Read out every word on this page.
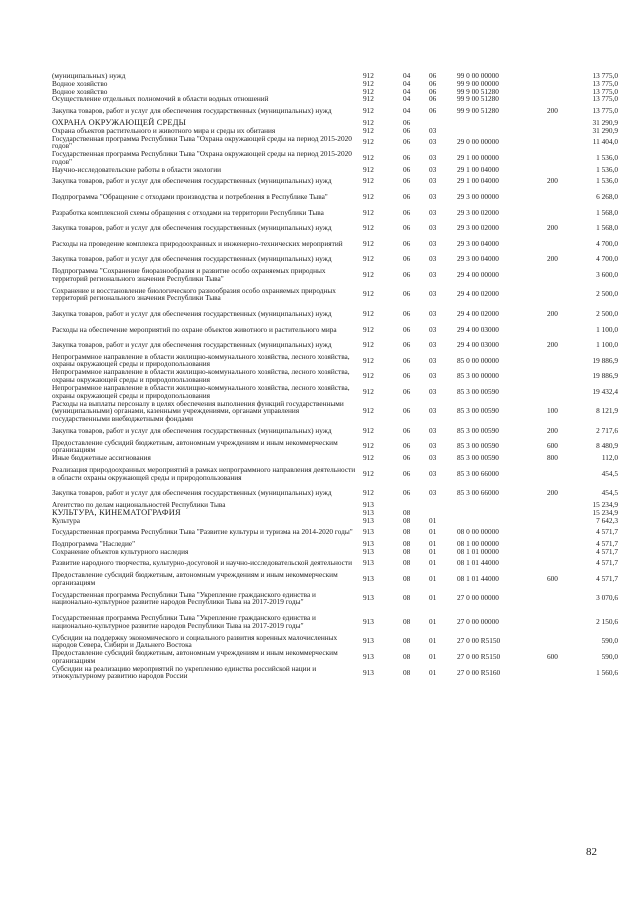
(муниципальных) нужд	912	04	06	99 0 00 00000		13 775,0
Водное хозяйство	912	04	06	99 9 00 00000		13 775,0
Водное хозяйство	912	04	06	99 9 00 51280		13 775,0
Осуществление отдельных полномочий в области водных отношений	912	04	06	99 9 00 51280		13 775,0
Закупка товаров, работ и услуг для обеспечения государственных (муниципальных) нужд	912	04	06	99 9 00 51280	200	13 775,0
ОХРАНА ОКРУЖАЮЩЕЙ СРЕДЫ	912	06				31 290,9
Охрана объектов растительного и животного мира и среды их обитания	912	06	03			31 290,9
Государственная программа Республики Тыва "Охрана окружающей среды на период 2015-2020 годов"	912	06	03	29 0 00 00000		11 404,0
Государственная программа Республики Тыва "Охрана окружающей среды на период 2015-2020 годов"	912	06	03	29 1 00 00000		1 536,0
Научно-исследовательские работы в области экологии	912	06	03	29 1 00 04000		1 536,0
Закупка товаров, работ и услуг для обеспечения государственных (муниципальных) нужд	912	06	03	29 1 00 04000	200	1 536,0
Подпрограмма "Обращение с отходами производства и потребления в Республике Тыва"	912	06	03	29 3 00 00000		6 268,0
Разработка комплексной схемы обращения с отходами на территории Республики Тыва	912	06	03	29 3 00 02000		1 568,0
Закупка товаров, работ и услуг для обеспечения государственных (муниципальных) нужд	912	06	03	29 3 00 02000	200	1 568,0
Расходы на проведение комплекса природоохранных и инженерно-технических мероприятий	912	06	03	29 3 00 04000		4 700,0
Закупка товаров, работ и услуг для обеспечения государственных (муниципальных) нужд	912	06	03	29 3 00 04000	200	4 700,0
Подпрограмма "Сохранение биоразнообразия и развитие особо охраняемых природных территорий регионального значения Республики Тыва"	912	06	03	29 4 00 00000		3 600,0
Сохранение и восстановление биологического разнообразия особо охраняемых природных территорий регионального значения Республики Тыва	912	06	03	29 4 00 02000		2 500,0
Закупка товаров, работ и услуг для обеспечения государственных (муниципальных) нужд	912	06	03	29 4 00 02000	200	2 500,0
Расходы на обеспечение мероприятий по охране объектов животного и растительного мира	912	06	03	29 4 00 03000		1 100,0
Закупка товаров, работ и услуг для обеспечения государственных (муниципальных) нужд	912	06	03	29 4 00 03000	200	1 100,0
Непрограммное направление в области жилищно-коммунального хозяйства, лесного хозяйства, охраны окружающей среды и природопользования	912	06	03	85 0 00 00000		19 886,9
Непрограммное направление в области жилищно-коммунального хозяйства, лесного хозяйства, охраны окружающей среды и природопользования	912	06	03	85 3 00 00000		19 886,9
Непрограммное направление в области жилищно-коммунального хозяйства, лесного хозяйства, охраны окружающей среды и природопользования	912	06	03	85 3 00 00590		19 432,4
Расходы на выплаты персоналу в целях обеспечения выполнения функций государственными (муниципальными) органами, казенными учреждениями, органами управления государственными внебюджетными фондами	912	06	03	85 3 00 00590	100	8 121,9
Закупка товаров, работ и услуг для обеспечения государственных (муниципальных) нужд	912	06	03	85 3 00 00590	200	2 717,6
Предоставление субсидий бюджетным, автономным учреждениям и иным некоммерческим организациям	912	06	03	85 3 00 00590	600	8 480,9
Иные бюджетные ассигнования	912	06	03	85 3 00 00590	800	112,0
Реализация природоохранных мероприятий в рамках непрограммного направления деятельности в области охраны окружающей среды и природопользования	912	06	03	85 3 00 66000		454,5
Закупка товаров, работ и услуг для обеспечения государственных (муниципальных) нужд	912	06	03	85 3 00 66000	200	454,5
Агентство по делам национальностей Республики Тыва	913					15 234,9
КУЛЬТУРА, КИНЕМАТОГРАФИЯ	913	08				15 234,9
Культура	913	08	01			7 642,3
Государственная программа Республики Тыва "Развитие культуры и туризма на 2014-2020 годы"	913	08	01	08 0 00 00000		4 571,7
Подпрограмма "Наследие"	913	08	01	08 1 00 00000		4 571,7
Сохранение объектов культурного наследия	913	08	01	08 1 01 00000		4 571,7
Развитие народного творчества, культурно-досуговой и научно-исследовательской деятельности	913	08	01	08 1 01 44000		4 571,7
Предоставление субсидий бюджетным, автономным учреждениям и иным некоммерческим организациям	913	08	01	08 1 01 44000	600	4 571,7
Государственная программа Республики Тыва "Укрепление гражданского единства и национально-культурное развитие народов Республики Тыва на 2017-2019 годы"	913	08	01	27 0 00 00000		3 070,6
Государственная программа Республики Тыва "Укрепление гражданского единства и национально-культурное развитие народов Республики Тыва на 2017-2019 годы"	913	08	01	27 0 00 00000		2 150,6
Субсидии на поддержку экономического и социального развития коренных малочисленных народов Севера, Сибири и Дальнего Востока	913	08	01	27 0 00 R5150		590,0
Предоставление субсидий бюджетным, автономным учреждениям и иным некоммерческим организациям	913	08	01	27 0 00 R5150	600	590,0
Субсидии на реализацию мероприятий по укреплению единства российской нации и этнокультурному развитию народов России	913	08	01	27 0 00 R5160		1 560,6
82
